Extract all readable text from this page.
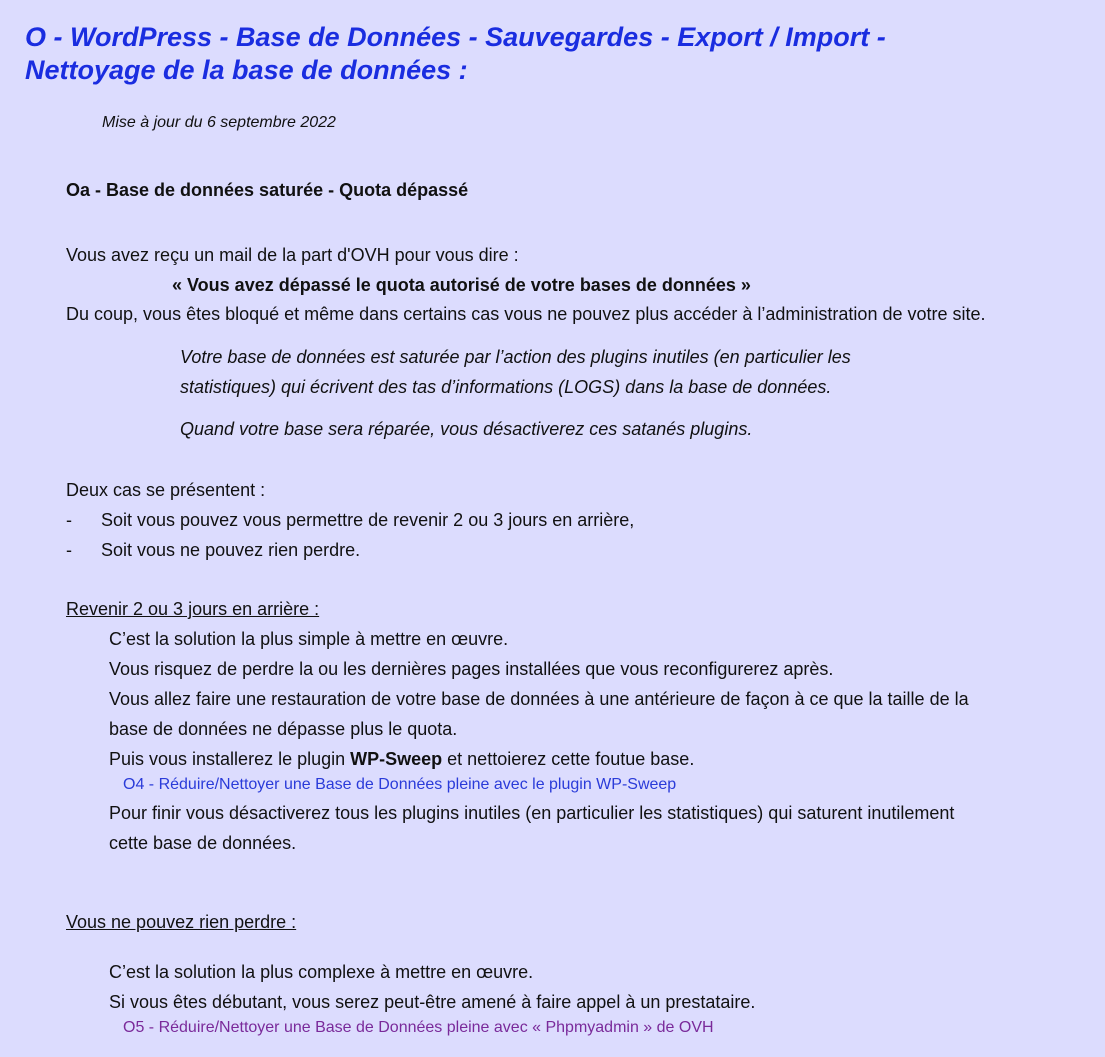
O - WordPress - Base de Données - Sauvegardes - Export / Import -
Nettoyage de la base de données :
Mise à jour du 6 septembre 2022
Oa - Base de données saturée - Quota dépassé
Vous avez reçu un mail de la part d'OVH pour vous dire :
« Vous avez dépassé le quota autorisé de votre bases de données »
Du coup, vous êtes bloqué et même dans certains cas vous ne pouvez plus accéder à l’administration de votre site.
Votre base de données est saturée par l’action des plugins inutiles (en particulier les
statistiques) qui écrivent des tas d’informations (LOGS) dans la base de données.
Quand votre base sera réparée, vous désactiverez ces satanés plugins.
Deux cas se présentent :
- Soit vous pouvez vous permettre de revenir 2 ou 3 jours en arrière,
- Soit vous ne pouvez rien perdre.
Revenir 2 ou 3 jours en arrière :
C’est la solution la plus simple à mettre en œuvre.
Vous risquez de perdre la ou les dernières pages installées que vous reconfigurerez après.
Vous allez faire une restauration de votre base de données à une antérieure de façon à ce que la taille de la
base de données ne dépasse plus le quota.
Puis vous installerez le plugin WP-Sweep et nettoierez cette foutue base.
O4 - Réduire/Nettoyer une Base de Données pleine avec le plugin WP-Sweep
Pour finir vous désactiverez tous les plugins inutiles (en particulier les statistiques) qui saturent inutilement
cette base de données.
Vous ne pouvez rien perdre :
C’est la solution la plus complexe à mettre en œuvre.
Si vous êtes débutant, vous serez peut-être amené à faire appel à un prestataire.
O5 - Réduire/Nettoyer une Base de Données pleine avec « Phpmyadmin » de OVH
